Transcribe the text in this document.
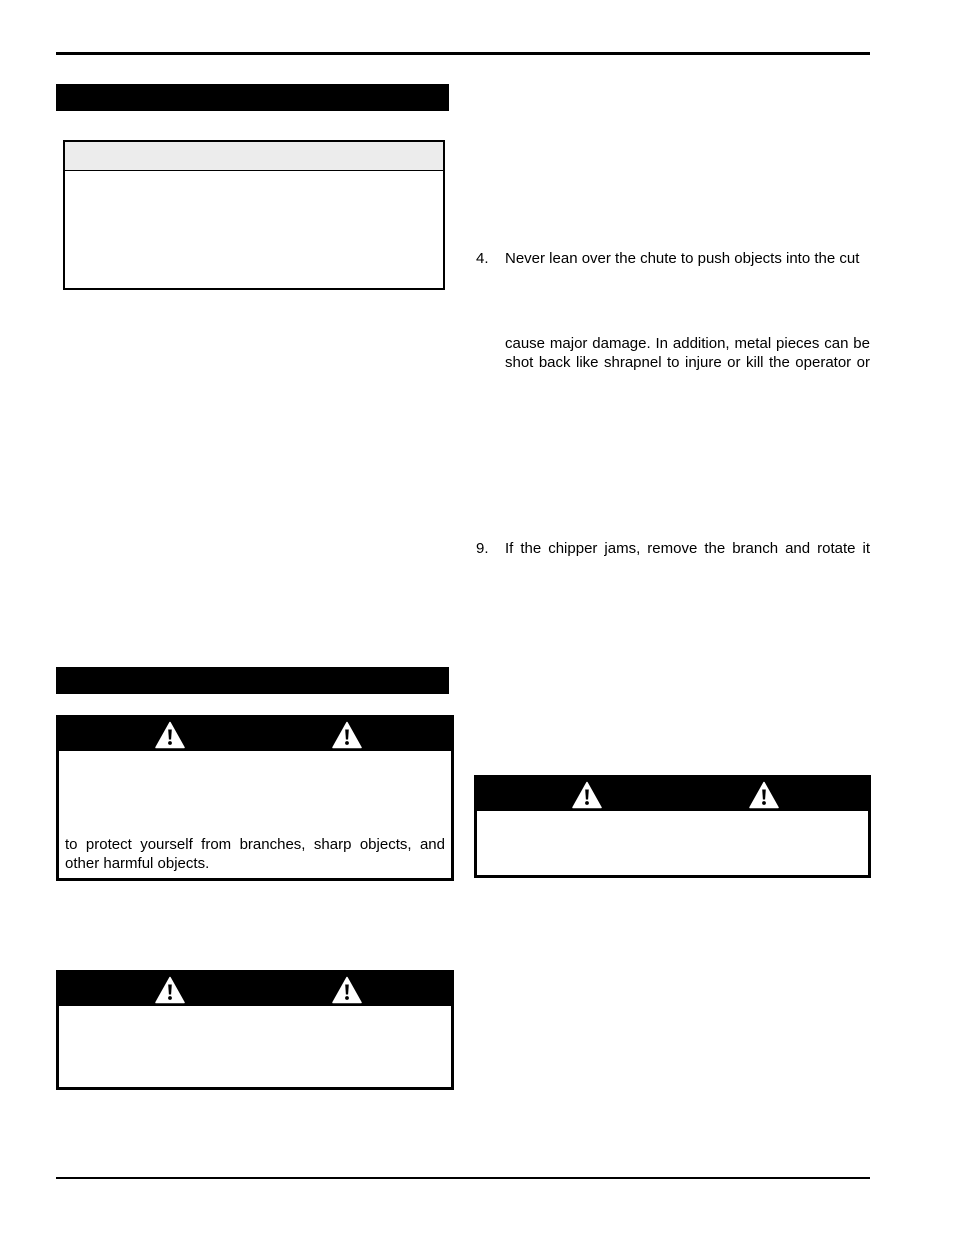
to protect yourself from branches, sharp objects, and
other harmful objects.
4. Never lean over the chute to push objects into the cut
cause major damage. In addition, metal pieces can be
shot back like shrapnel to injure or kill the operator or
9. If the chipper jams, remove the branch and rotate it
